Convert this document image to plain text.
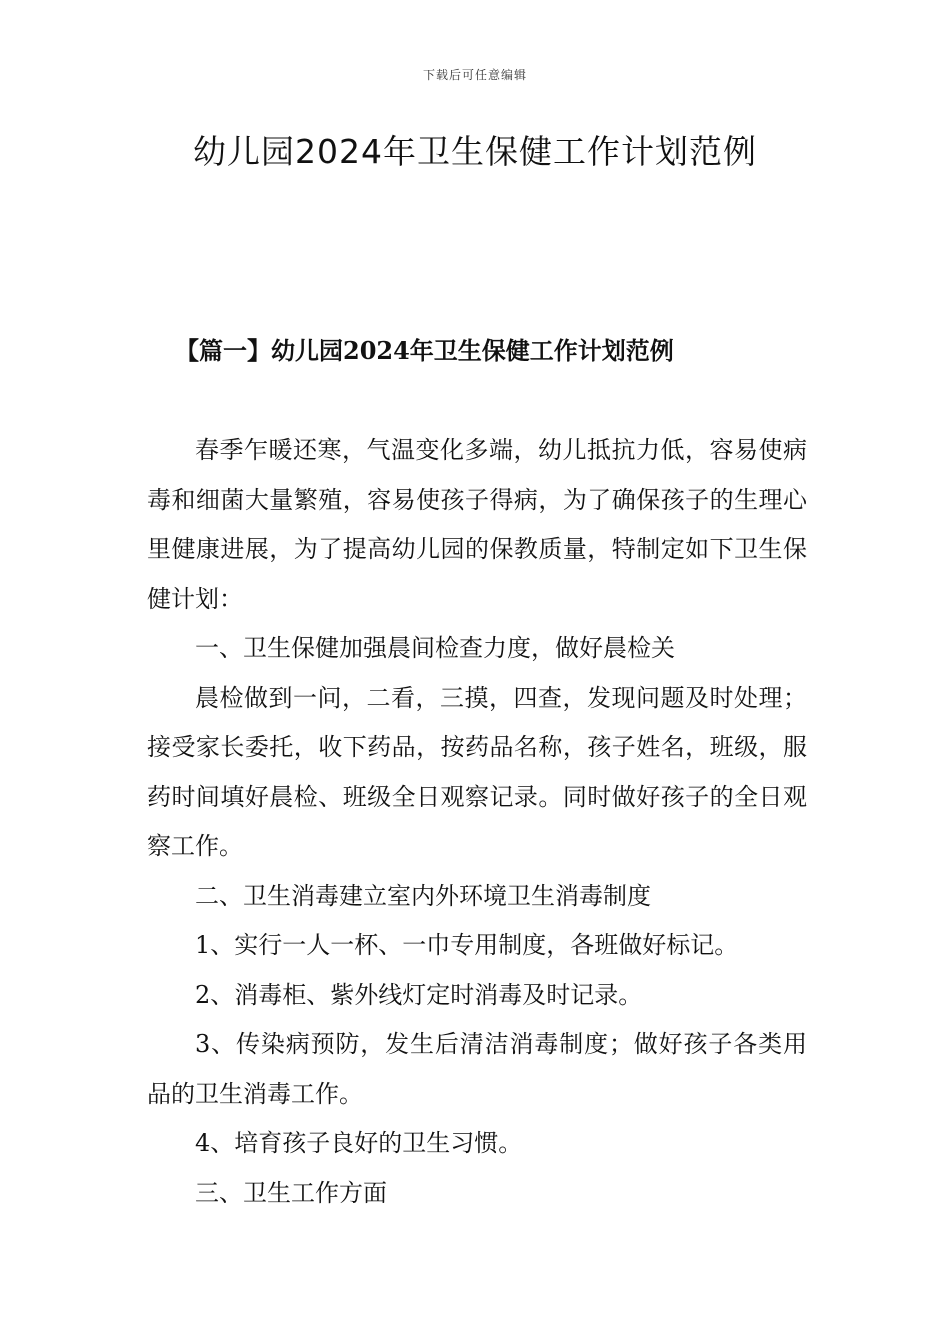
下载后可任意编辑
幼儿园2024年卫生保健工作计划范例
【篇一】幼儿园2024年卫生保健工作计划范例

春季乍暖还寒，气温变化多端，幼儿抵抗力低，容易使病毒和细菌大量繁殖，容易使孩子得病，为了确保孩子的生理心里健康进展，为了提高幼儿园的保教质量，特制定如下卫生保健计划：

一、卫生保健加强晨间检查力度，做好晨检关

晨检做到一问，二看，三摸，四查，发现问题及时处理；接受家长委托，收下药品，按药品名称，孩子姓名，班级，服药时间填好晨检、班级全日观察记录。同时做好孩子的全日观察工作。

二、卫生消毒建立室内外环境卫生消毒制度

1、实行一人一杯、一巾专用制度，各班做好标记。

2、消毒柜、紫外线灯定时消毒及时记录。

3、传染病预防，发生后清洁消毒制度；做好孩子各类用品的卫生消毒工作。

4、培育孩子良好的卫生习惯。

三、卫生工作方面
